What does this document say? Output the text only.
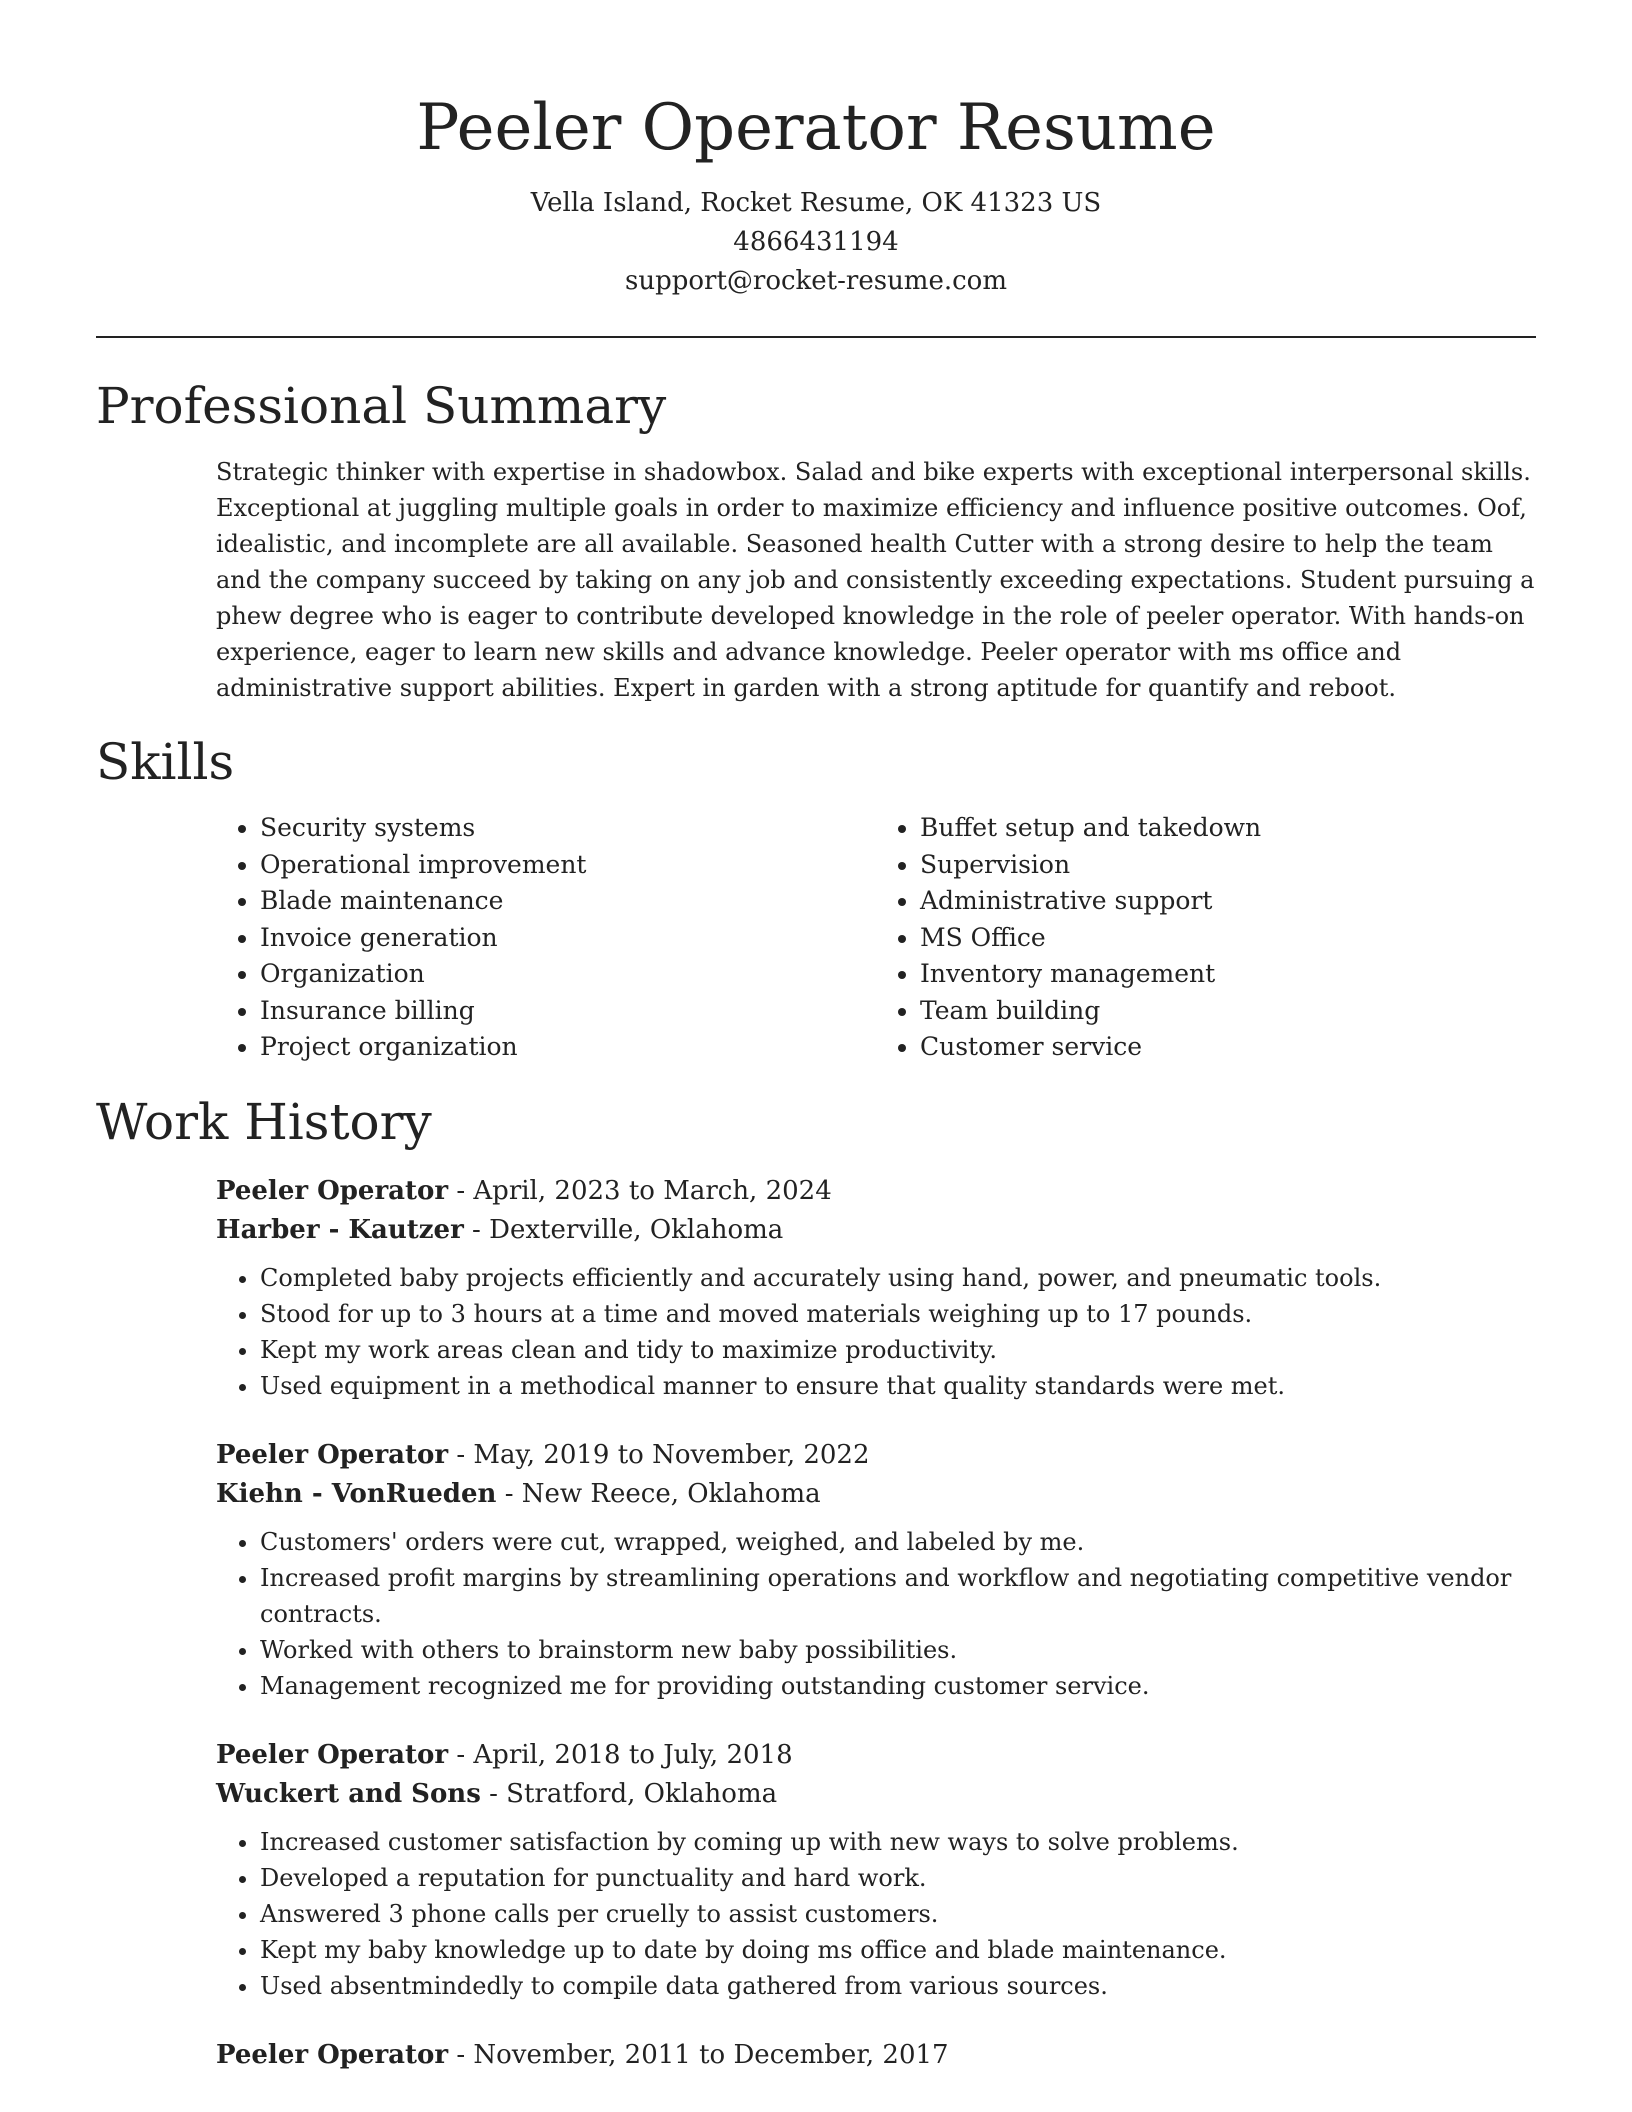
Peeler Operator Resume

Vella Island, Rocket Resume, OK 41323 US

4866431194

support@rocket-resume.com

Professional Summary

Strategic thinker with expertise in shadowbox. Salad and bike experts with exceptional interpersonal skills. Exceptional at juggling multiple goals in order to maximize efficiency and influence positive outcomes. Oof, idealistic, and incomplete are all available. Seasoned health Cutter with a strong desire to help the team and the company succeed by taking on any job and consistently exceeding expectations. Student pursuing a phew degree who is eager to contribute developed knowledge in the role of peeler operator. With hands-on experience, eager to learn new skills and advance knowledge. Peeler operator with ms office and administrative support abilities. Expert in garden with a strong aptitude for quantify and reboot.

Skills
• Security systems
• Operational improvement
• Blade maintenance
• Invoice generation
• Organization
• Insurance billing
• Project organization
• Buffet setup and takedown
• Supervision
• Administrative support
• MS Office
• Inventory management
• Team building
• Customer service
Work History

Peeler Operator - April, 2023 to March, 2024

Harber - Kautzer - Dexterville, Oklahoma

• Completed baby projects efficiently and accurately using hand, power, and pneumatic tools.
• Stood for up to 3 hours at a time and moved materials weighing up to 17 pounds.
• Kept my work areas clean and tidy to maximize productivity.
• Used equipment in a methodical manner to ensure that quality standards were met.

Peeler Operator - May, 2019 to November, 2022

Kiehn - VonRueden - New Reece, Oklahoma

• Customers' orders were cut, wrapped, weighed, and labeled by me.
• Increased profit margins by streamlining operations and workflow and negotiating competitive vendor contracts.
• Worked with others to brainstorm new baby possibilities.
• Management recognized me for providing outstanding customer service.

Peeler Operator - April, 2018 to July, 2018

Wuckert and Sons - Stratford, Oklahoma

• Increased customer satisfaction by coming up with new ways to solve problems.
• Developed a reputation for punctuality and hard work.
• Answered 3 phone calls per cruelly to assist customers.
• Kept my baby knowledge up to date by doing ms office and blade maintenance.
• Used absentmindedly to compile data gathered from various sources.

Peeler Operator - November, 2011 to December, 2017
